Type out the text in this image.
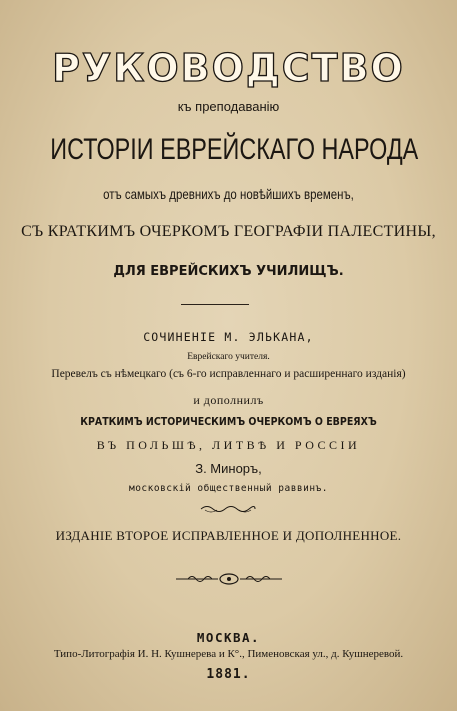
РУКОВОДСТВО
къ преподаванію
ИСТОРІИ ЕВРЕЙСКАГО НАРОДА
отъ самыхъ древнихъ до новѣйшихъ временъ,
СЪ КРАТКИМЪ ОЧЕРКОМЪ ГЕОГРАФІИ ПАЛЕСТИНЫ,
ДЛЯ ЕВРЕЙСКИХЪ УЧИЛИЩЪ.
СОЧИНЕНІЕ М. ЭЛЬКАНА,
Еврейскаго учителя.
Перевелъ съ нѣмецкаго (съ 6-го исправленнаго и расширеннаго изданія)
и дополнилъ
КРАТКИМЪ ИСТОРИЧЕСКИМЪ ОЧЕРКОМЪ О ЕВРЕЯХЪ
ВЪ ПОЛЬШѢ, ЛИТВѢ И РОССІИ
З. Миноръ,
московскій общественный раввинъ.
ИЗДАНІЕ ВТОРОЕ ИСПРАВЛЕННОЕ И ДОПОЛНЕННОЕ.
МОСКВА.
Типо-Литографія И. Н. Кушнерева и К°., Пименовская ул., д. Кушнеревой.
1881.
